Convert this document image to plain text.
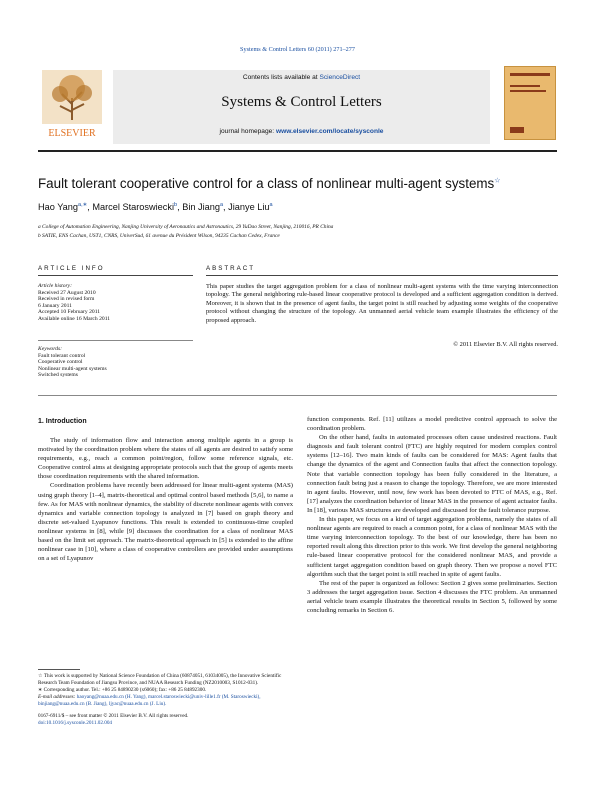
Systems & Control Letters 60 (2011) 271–277
ELSEVIER
Contents lists available at ScienceDirect
Systems & Control Letters
journal homepage: www.elsevier.com/locate/sysconle
Fault tolerant cooperative control for a class of nonlinear multi-agent systems☆
Hao Yang$^{a,∗}$, Marcel Staroswiecki$^b$, Bin Jiang$^a$, Jianye Liu$^a$
a College of Automation Engineering, Nanjing University of Aeronautics and Astronautics, 29 YuDao Street, Nanjing, 210016, PR China
b SATIE, ENS Cachan, UST1, CNRS, UniverSud, 61 avenue du Président Wilson, 94235 Cachan Cedex, France
ARTICLE INFO	ABSTRACT
Article history:
Received 27 August 2010
Received in revised form
6 January 2011
Accepted 10 February 2011
Available online 16 March 2011
Keywords:
Fault tolerant control
Cooperative control
Nonlinear multi-agent systems
Switched systems
This paper studies the target aggregation problem for a class of nonlinear multi-agent systems with the time varying interconnection topology. The general neighboring rule-based linear cooperative protocol is developed and a sufficient aggregation condition is derived. Moreover, it is shown that in the presence of agent faults, the target point is still reached by adjusting some weights of the cooperative protocol without changing the structure of the topology. An unmanned aerial vehicle team example illustrates the efficiency of the proposed approach.
© 2011 Elsevier B.V. All rights reserved.
1. Introduction

The study of information flow and interaction among multiple agents in a group is motivated by the coordination problem where the states of all agents are desired to satisfy some requirements, e.g., reach a common point/region, follow some reference signals, etc. Cooperative control aims at designing appropriate protocols such that the group of agents meets those coordination requirements with the shared information.

Coordination problems have recently been addressed for linear multi-agent systems (MAS) using graph theory [1–4], matrix-theoretical and optimal control based methods [5,6], to name a few. As for MAS with nonlinear dynamics, the stability of discrete nonlinear agents with convex dynamics and variable connection topology is analyzed in [7] based on graph theory and discrete set-valued Lyapunov functions. This result is extended to continuous-time coupled nonlinear systems in [8], while [9] discusses the coordination for a class of nonlinear MAS based on the limit set approach. The matrix-theoretical approach in [5] is extended to the affine nonlinear case in [10], where a class of cooperative controllers are provided under assumptions on a set of Lyapunov

function components. Ref. [11] utilizes a model predictive control approach to solve the coordination problem.

On the other hand, faults in automated processes often cause undesired reactions. Fault diagnosis and fault tolerant control (FTC) are highly required for modern complex control systems [12–16]. Two main kinds of faults can be considered for MAS: Agent faults that change the dynamics of the agent and Connection faults that affect the connection topology. Note that variable connection topology has been fully considered in the literature, a connection fault being just a reason to change the topology. Therefore, we are more interested in agent faults. However, until now, few work has been devoted to FTC of MAS, e.g., Ref. [17] analyzes the coordination behavior of linear MAS in the presence of agent actuator faults. In [18], various MAS structures are developed and discussed for the fault tolerance purpose.

In this paper, we focus on a kind of target aggregation problems, namely the states of all nonlinear agents are required to reach a common point, for a class of nonlinear MAS with the time varying interconnection topology. To the best of our knowledge, there has been no reported result along this direction prior to this work. We first develop the general neighboring rule-based linear cooperative protocol for the considered nonlinear MAS, and provide a sufficient target aggregation condition based on graph theory. Then we propose a novel FTC algorithm such that the target point is still reached in spite of agent faults.

The rest of the paper is organized as follows: Section 2 gives some preliminaries. Section 3 addresses the target aggregation issue. Section 4 discusses the FTC problem. An unmanned aerial vehicle team example illustrates the theoretical results in Section 5, followed by some concluding remarks in Section 6.

☆ This work is supported by National Science Foundation of China (60874051, 61034005), the Innovative Scientific Research Team Foundation of Jiangsu Province, and NUAA Research Funding (NZ2010003, S1012-031).
∗ Corresponding author. Tel.: +86 25 84890230 (x6060); fax: +86 25 84892300.
E-mail addresses: haoyang@nuaa.edu.cn (H. Yang), marcel.staroswiecki@univ-lille1.fr (M. Staroswiecki), binjiang@nuaa.edu.cn (B. Jiang), ljyac@nuaa.edu.cn (J. Liu).
0167-6911/$ – see front matter © 2011 Elsevier B.V. All rights reserved.
doi:10.1016/j.sysconle.2011.02.004
